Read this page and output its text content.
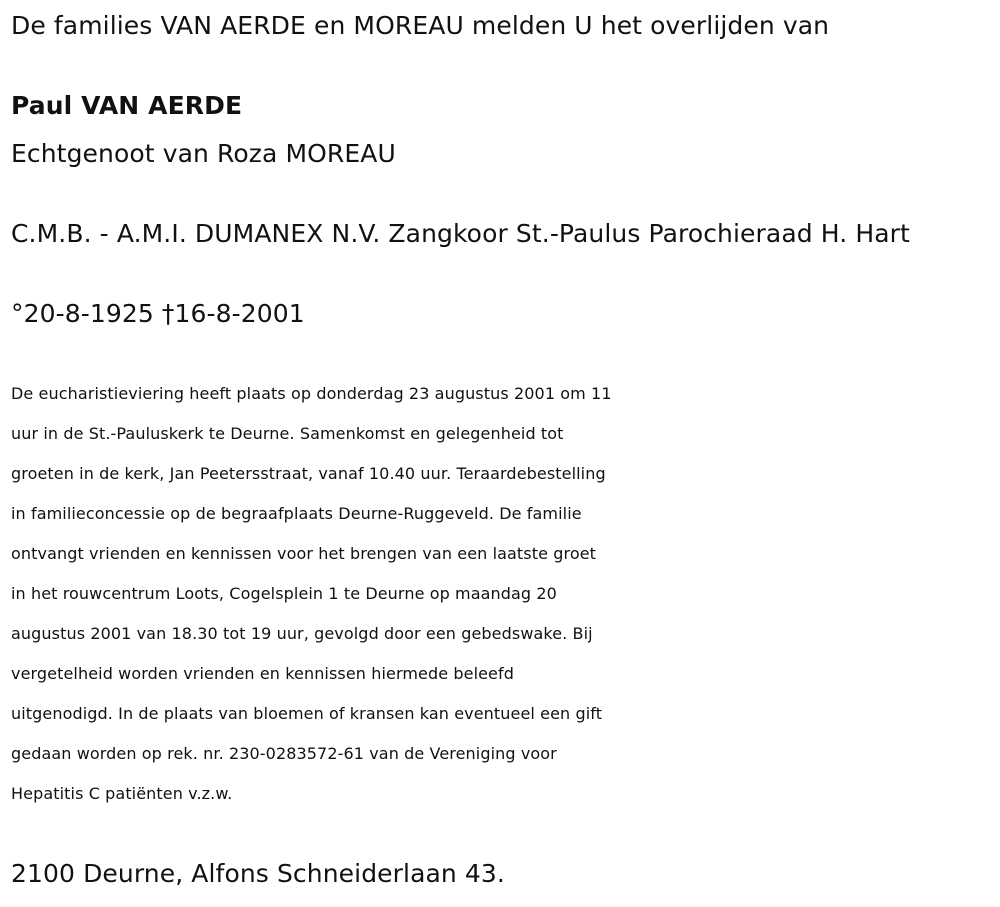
De families VAN AERDE en MOREAU melden U het overlijden van
Paul VAN AERDE
Echtgenoot van Roza MOREAU
C.M.B. - A.M.I. DUMANEX N.V. Zangkoor St.-Paulus Parochieraad H. Hart
°20-8-1925 †16-8-2001
De eucharistieviering heeft plaats op donderdag 23 augustus 2001 om 11
uur in de St.-Pauluskerk te Deurne. Samenkomst en gelegenheid tot
groeten in de kerk, Jan Peetersstraat, vanaf 10.40 uur. Teraardebestelling
in familieconcessie op de begraafplaats Deurne-Ruggeveld. De familie
ontvangt vrienden en kennissen voor het brengen van een laatste groet
in het rouwcentrum Loots, Cogelsplein 1 te Deurne op maandag 20
augustus 2001 van 18.30 tot 19 uur, gevolgd door een gebedswake. Bij
vergetelheid worden vrienden en kennissen hiermede beleefd
uitgenodigd. In de plaats van bloemen of kransen kan eventueel een gift
gedaan worden op rek. nr. 230-0283572-61 van de Vereniging voor
Hepatitis C patiënten v.z.w.
2100 Deurne, Alfons Schneiderlaan 43.
